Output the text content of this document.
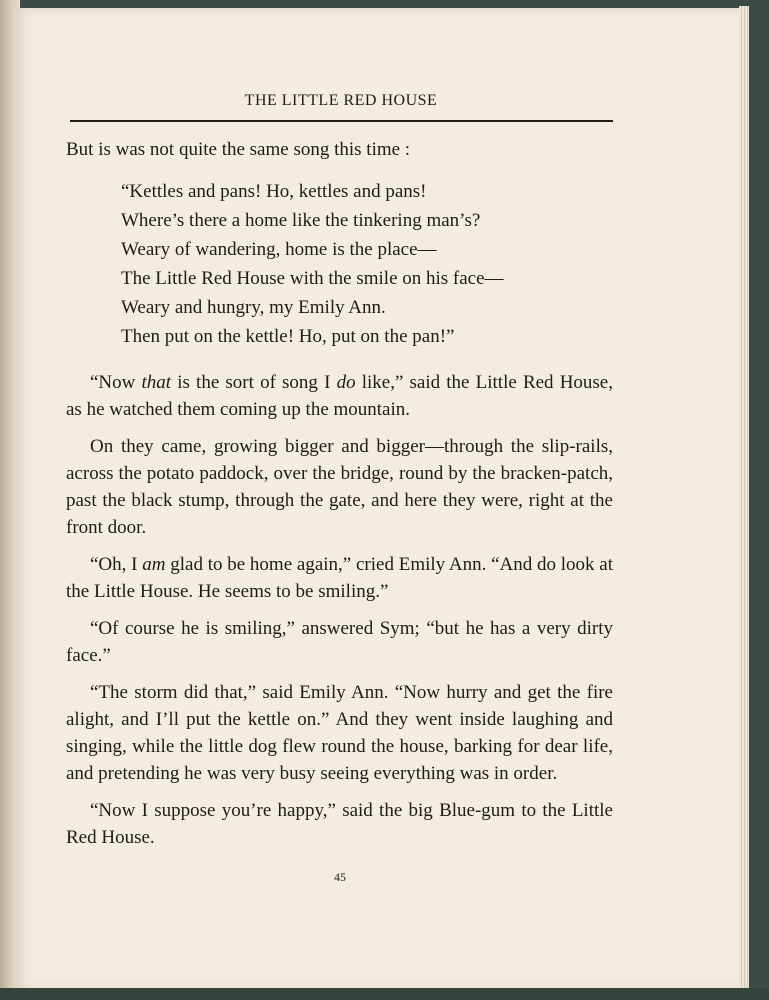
THE LITTLE RED HOUSE

But is was not quite the same song this time :

“Kettles and pans! Ho, kettles and pans!
Where’s there a home like the tinkering man’s?
Weary of wandering, home is the place—
The Little Red House with the smile on his face—
Weary and hungry, my Emily Ann.
Then put on the kettle! Ho, put on the pan!”

“Now that is the sort of song I do like,” said the Little Red House, as he watched them coming up the mountain.

On they came, growing bigger and bigger—through the slip-rails, across the potato paddock, over the bridge, round by the bracken-patch, past the black stump, through the gate, and here they were, right at the front door.

“Oh, I am glad to be home again,” cried Emily Ann. “And do look at the Little House. He seems to be smiling.”

“Of course he is smiling,” answered Sym; “but he has a very dirty face.”

“The storm did that,” said Emily Ann. “Now hurry and get the fire alight, and I’ll put the kettle on.” And they went inside laughing and singing, while the little dog flew round the house, barking for dear life, and pretending he was very busy seeing everything was in order.

“Now I suppose you’re happy,” said the big Blue-gum to the Little Red House.

45
